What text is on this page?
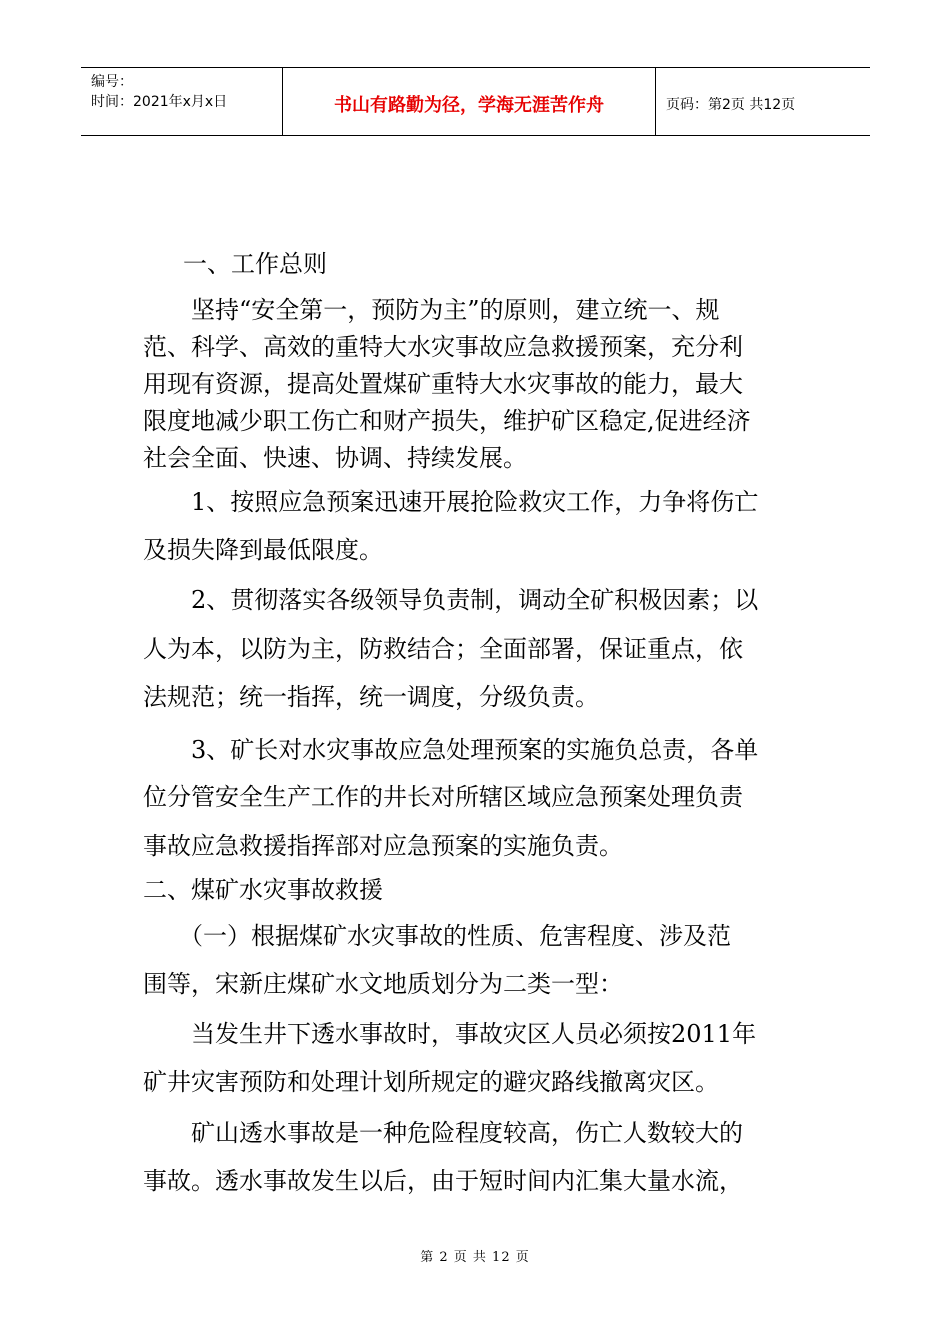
编号：
时间：2021年x月x日	书山有路勤为径，学海无涯苦作舟	页码：第2页 共12页

一、工作总则

坚持“安全第一，预防为主”的原则，建立统一、规

范、科学、高效的重特大水灾事故应急救援预案，充分利

用现有资源，提高处置煤矿重特大水灾事故的能力，最大

限度地减少职工伤亡和财产损失，维护矿区稳定,促进经济

社会全面、快速、协调、持续发展。

1、按照应急预案迅速开展抢险救灾工作，力争将伤亡

及损失降到最低限度。

2、贯彻落实各级领导负责制，调动全矿积极因素；以

人为本，以防为主，防救结合；全面部署，保证重点，依

法规范；统一指挥，统一调度，分级负责。

3、矿长对水灾事故应急处理预案的实施负总责，各单

位分管安全生产工作的井长对所辖区域应急预案处理负责

事故应急救援指挥部对应急预案的实施负责。

二、煤矿水灾事故救援

（一）根据煤矿水灾事故的性质、危害程度、涉及范

围等，宋新庄煤矿水文地质划分为二类一型：

当发生井下透水事故时，事故灾区人员必须按2011年

矿井灾害预防和处理计划所规定的避灾路线撤离灾区。

矿山透水事故是一种危险程度较高，伤亡人数较大的

事故。透水事故发生以后，由于短时间内汇集大量水流，

第 2 页 共 12 页
